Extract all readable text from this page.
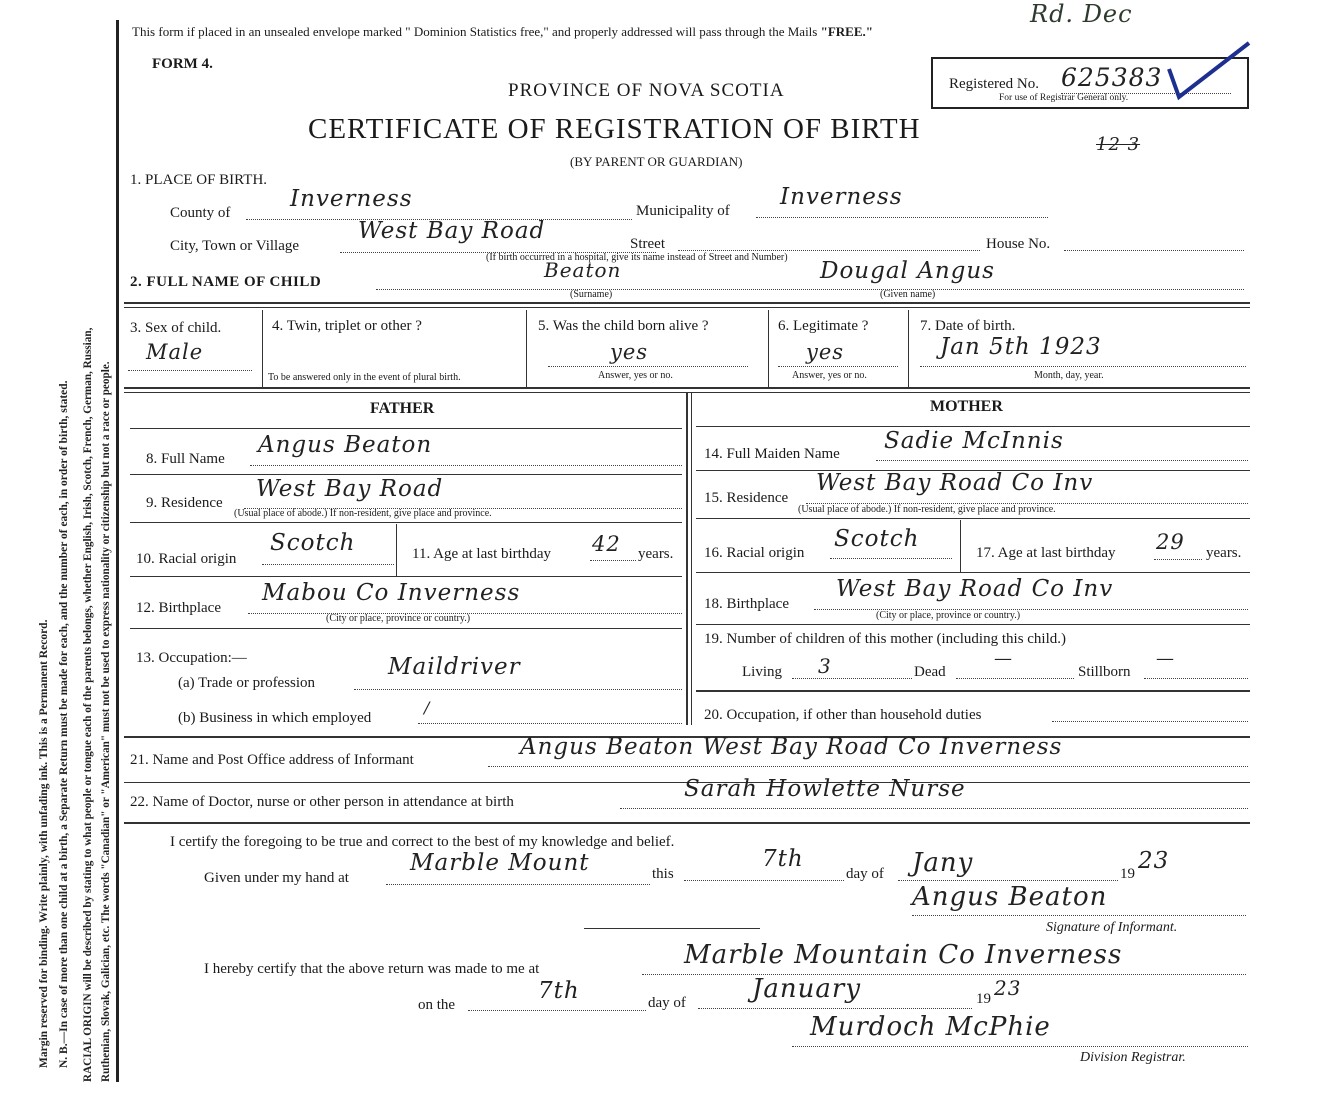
Margin reserved for binding. Write plainly, with unfading ink. This is a Permanent Record. N. B.—In case of more than one child at a birth, a Separate Return must be made for each, and the number of each, in order of birth, stated. RACIAL ORIGIN will be described by stating to what people or tongue each of the parents belongs, whether English, Irish, Scotch, French, German, Russian, Ruthenian, Slovak, Galician, etc. The words "Canadian" or "American" must not be used to express nationality or citizenship but not a race or people.
This form if placed in an unsealed envelope marked " Dominion Statistics free," and properly addressed will pass through the Mails "FREE."
Rd. Dec
FORM 4.
PROVINCE OF NOVA SCOTIA	Registered No. 625383
For use of Registrar General only.
CERTIFICATE OF REGISTRATION OF BIRTH	12 3
(BY PARENT OR GUARDIAN)
1. PLACE OF BIRTH.
County of
Inverness	Municipality of
Inverness
City, Town or Village
West Bay Road	Street	House No.
(If birth occurred in a hospital, give its name instead of Street and Number)
2. FULL NAME OF CHILD	Beaton
(Surname)
Dougal Angus
(Given name)
3. Sex of child.
Male
4. Twin, triplet or other ?
To be answered only in the event of plural birth.
5. Was the child born alive ?
yes
Answer, yes or no.
6. Legitimate ?
yes
Answer, yes or no.
7. Date of birth.
Jan 5th 1923
Month, day, year.
FATHER	MOTHER
8. Full Name
Angus Beaton
9. Residence
West Bay Road
(Usual place of abode.) If non-resident, give place and province.
10. Racial origin
Scotch	11. Age at last birthday 42 years.
12. Birthplace
Mabou Co Inverness
(City or place, province or country.)
13. Occupation:—
(a) Trade or profession
Maildriver
(b) Business in which employed
/
14. Full Maiden Name Sadie McInnis
15. Residence
West Bay Road Co Inv
(Usual place of abode.) If non-resident, give place and province.
16. Racial origin
Scotch
17. Age at last birthday 29 years.
18. Birthplace
West Bay Road Co Inv
(City or place, province or country.)
19. Number of children of this mother (including this child.)
Living 3	Dead
—
Stillborn
—
20. Occupation, if other than household duties
21. Name and Post Office address of Informant	Angus Beaton West Bay Road Co Inverness
22. Name of Doctor, nurse or other person in attendance at birth	Sarah Howlette Nurse
I certify the foregoing to be true and correct to the best of my knowledge and belief.
Given under my hand at
Marble Mount	this
7th
day of Jany	19 23
Angus Beaton
Signature of Informant.
I hereby certify that the above return was made to me at	Marble Mountain Co Inverness
on the
7th	day of	January	19 23
Murdoch McPhie
Division Registrar.
